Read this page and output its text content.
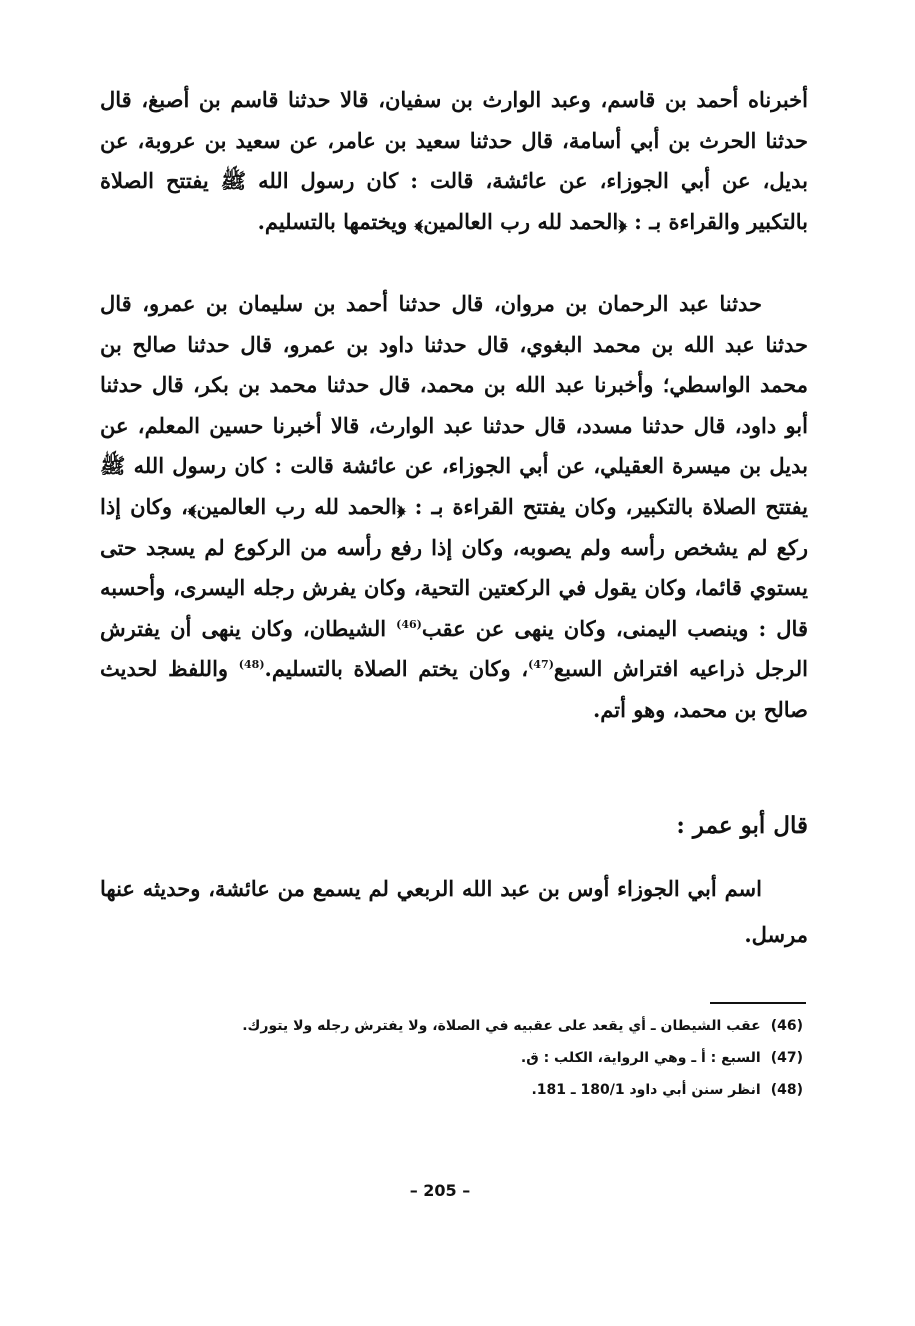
أخبرناه أحمد بن قاسم، وعبد الوارث بن سفيان، قالا حدثنا قاسم بن أصبغ، قال حدثنا الحرث بن أبي أسامة، قال حدثنا سعيد بن عامر، عن سعيد بن عروبة، عن بديل، عن أبي الجوزاء، عن عائشة، قالت : كان رسول الله ﷺ يفتتح الصلاة بالتكبير والقراءة بـ : ﴿الحمد لله رب العالمين﴾ ويختمها بالتسليم.

حدثنا عبد الرحمان بن مروان، قال حدثنا أحمد بن سليمان بن عمرو، قال حدثنا عبد الله بن محمد البغوي، قال حدثنا داود بن عمرو، قال حدثنا صالح بن محمد الواسطي؛ وأخبرنا عبد الله بن محمد، قال حدثنا محمد بن بكر، قال حدثنا أبو داود، قال حدثنا مسدد، قال حدثنا عبد الوارث، قالا أخبرنا حسين المعلم، عن بديل بن ميسرة العقيلي، عن أبي الجوزاء، عن عائشة قالت : كان رسول الله ﷺ يفتتح الصلاة بالتكبير، وكان يفتتح القراءة بـ : ﴿الحمد لله رب العالمين﴾، وكان إذا ركع لم يشخص رأسه ولم يصوبه، وكان إذا رفع رأسه من الركوع لم يسجد حتى يستوي قائما، وكان يقول في الركعتين التحية، وكان يفرش رجله اليسرى، وأحسبه قال : وينصب اليمنى، وكان ينهى عن عقب$^{(46)}$ الشيطان، وكان ينهى أن يفترش الرجل ذراعيه افتراش السبع$^{(47)}$، وكان يختم الصلاة بالتسليم.$^{(48)}$ واللفظ لحديث صالح بن محمد، وهو أتم.

قال أبو عمر :

اسم أبي الجوزاء أوس بن عبد الله الربعي لم يسمع من عائشة، وحديثه عنها مرسل.

(46)عقب الشيطان ـ أي يقعد على عقبيه في الصلاة، ولا يفترش رجله ولا يتورك.
(47)السبع : أ ـ وهي الرواية، الكلب : ق.
(48)انظر سنن أبي داود 180/1 ـ 181.
– 205 –
